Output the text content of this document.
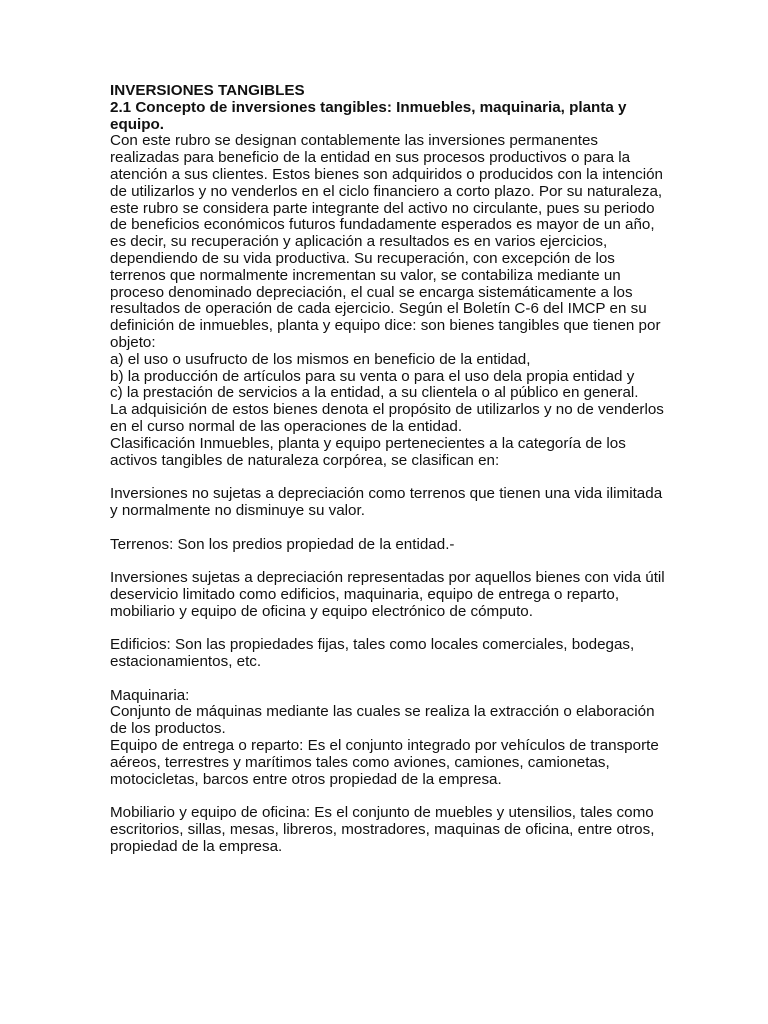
INVERSIONES TANGIBLES
2.1 Concepto de inversiones tangibles: Inmuebles, maquinaria, planta y equipo.
Con este rubro se designan contablemente las inversiones permanentes realizadas para beneficio de la entidad en sus procesos productivos o para la atención a sus clientes. Estos bienes son adquiridos o producidos con la intención de utilizarlos y no venderlos en el ciclo financiero a corto plazo. Por su naturaleza, este rubro se considera parte integrante del activo no circulante, pues su periodo de beneficios económicos futuros fundadamente esperados es mayor de un año, es decir, su recuperación y aplicación a resultados es en varios ejercicios, dependiendo de su vida productiva. Su recuperación, con excepción de los terrenos que normalmente incrementan su valor, se contabiliza mediante un proceso denominado depreciación, el cual se encarga sistemáticamente a los resultados de operación de cada ejercicio. Según el Boletín C-6 del IMCP en su definición de inmuebles, planta y equipo dice: son bienes tangibles que tienen por objeto:
a) el uso o usufructo de los mismos en beneficio de la entidad,
b) la producción de artículos para su venta o para el uso dela propia entidad y
c) la prestación de servicios a la entidad, a su clientela o al público en general.
La adquisición de estos bienes denota el propósito de utilizarlos y no de venderlos en el curso normal de las operaciones de la entidad.
Clasificación Inmuebles, planta y equipo pertenecientes a la categoría de los activos tangibles de naturaleza corpórea, se clasifican en:
Inversiones no sujetas a depreciación como terrenos que tienen una vida ilimitada y normalmente no disminuye su valor.
Terrenos: Son los predios propiedad de la entidad.-
Inversiones sujetas a depreciación representadas por aquellos bienes con vida útil deservicio limitado como edificios, maquinaria, equipo de entrega o reparto, mobiliario y equipo de oficina y equipo electrónico de cómputo.
Edificios: Son las propiedades fijas, tales como locales comerciales, bodegas, estacionamientos, etc.
Maquinaria:
Conjunto de máquinas mediante las cuales se realiza la extracción o elaboración de los productos.
Equipo de entrega o reparto: Es el conjunto integrado por vehículos de transporte aéreos, terrestres y marítimos tales como aviones, camiones, camionetas, motocicletas, barcos entre otros propiedad de la empresa.
Mobiliario y equipo de oficina: Es el conjunto de muebles y utensilios, tales como escritorios, sillas, mesas, libreros, mostradores, maquinas de oficina, entre otros, propiedad de la empresa.
